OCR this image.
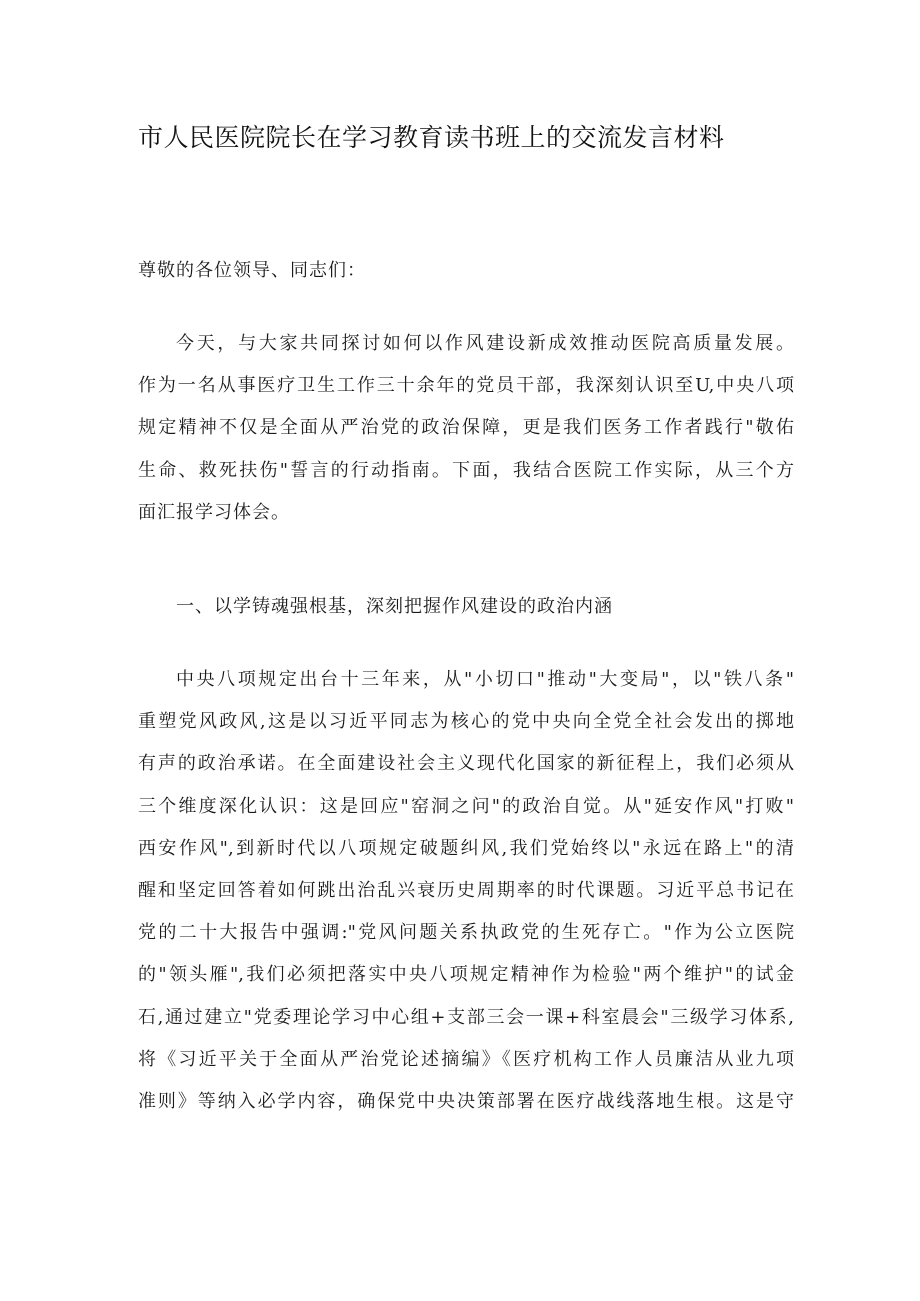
市人民医院院长在学习教育读书班上的交流发言材料
尊敬的各位领导、同志们：
今天，与大家共同探讨如何以作风建设新成效推动医院高质量发展。
作为一名从事医疗卫生工作三十余年的党员干部，我深刻认识至U,中央八项
规定精神不仅是全面从严治党的政治保障，更是我们医务工作者践行"敬佑
生命、救死扶伤"誓言的行动指南。下面，我结合医院工作实际，从三个方
面汇报学习体会。
一、以学铸魂强根基，深刻把握作风建设的政治内涵
中央八项规定出台十三年来，从"小切口"推动"大变局"，以"铁八条"
重塑党风政风,这是以习近平同志为核心的党中央向全党全社会发出的掷地
有声的政治承诺。在全面建设社会主义现代化国家的新征程上，我们必须从
三个维度深化认识：这是回应"窑洞之问"的政治自觉。从"延安作风"打败"
西安作风",到新时代以八项规定破题纠风,我们党始终以"永远在路上"的清
醒和坚定回答着如何跳出治乱兴衰历史周期率的时代课题。习近平总书记在
党的二十大报告中强调:"党风问题关系执政党的生死存亡。"作为公立医院
的"领头雁",我们必须把落实中央八项规定精神作为检验"两个维护"的试金
石,通过建立"党委理论学习中心组+支部三会一课+科室晨会"三级学习体系,
将《习近平关于全面从严治党论述摘编》《医疗机构工作人员廉洁从业九项
准则》等纳入必学内容，确保党中央决策部署在医疗战线落地生根。这是守
